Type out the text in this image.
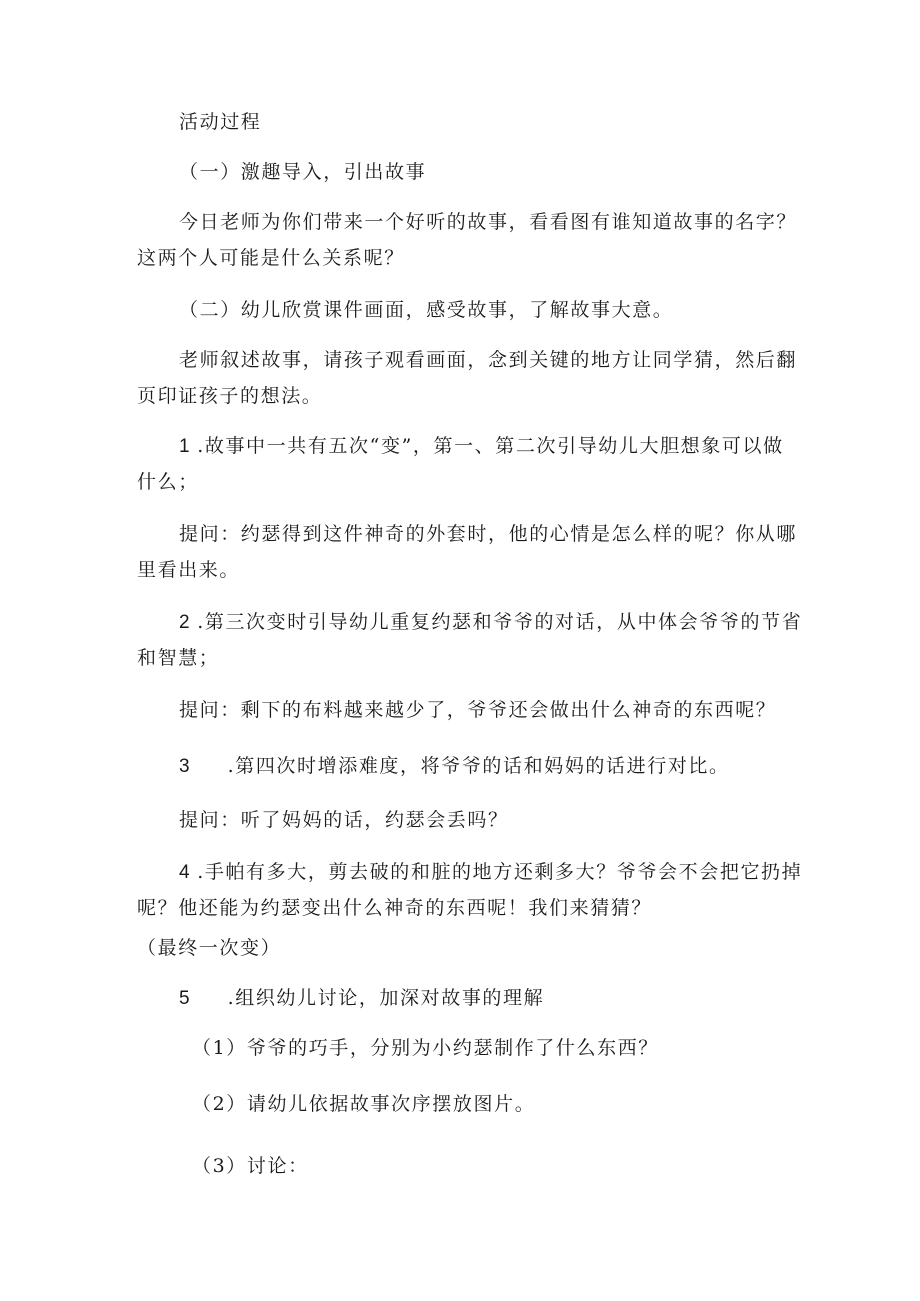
活动过程
（一）激趣导入，引出故事
今日老师为你们带来一个好听的故事，看看图有谁知道故事的名字？
这两个人可能是什么关系呢？
（二）幼儿欣赏课件画面，感受故事，了解故事大意。
老师叙述故事，请孩子观看画面，念到关键的地方让同学猜，然后翻
页印证孩子的想法。
1 .故事中一共有五次“变”，第一、第二次引导幼儿大胆想象可以做
什么；
提问：约瑟得到这件神奇的外套时，他的心情是怎么样的呢？你从哪
里看出来。
2 .第三次变时引导幼儿重复约瑟和爷爷的对话，从中体会爷爷的节省
和智慧；
提问：剩下的布料越来越少了，爷爷还会做出什么神奇的东西呢？
3 .第四次时增添难度，将爷爷的话和妈妈的话进行对比。
提问：听了妈妈的话，约瑟会丢吗？
4 .手帕有多大，剪去破的和脏的地方还剩多大？爷爷会不会把它扔掉
呢？他还能为约瑟变出什么神奇的东西呢！我们来猜猜？
（最终一次变）
5 .组织幼儿讨论，加深对故事的理解
（1）爷爷的巧手，分别为小约瑟制作了什么东西？
（2）请幼儿依据故事次序摆放图片。
（3）讨论：
